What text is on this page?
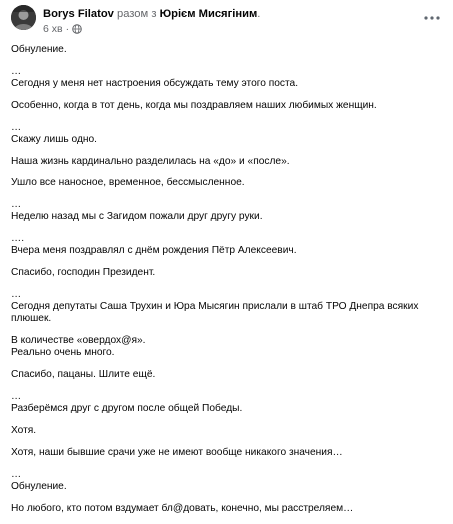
Borys Filatov разом з Юрієм Мисягіним.
6 хв ·

Обнуление.

…
Сегодня у меня нет настроения обсуждать тему этого поста.

Особенно, когда в тот день, когда мы поздравляем наших любимых женщин.

…
Скажу лишь одно.

Наша жизнь кардинально разделилась на «до» и «после».

Ушло все наносное, временное, бессмысленное.

…
Неделю назад мы с Загидом пожали друг другу руки.

….
Вчера меня поздравлял с днём рождения Пётр Алексеевич.

Спасибо, господин Президент.

…
Сегодня депутаты Саша Трухин и Юра Мысягин прислали в штаб ТРО Днепра всяких плюшек.

В количестве «овердох@я».
Реально очень много.

Спасибо, пацаны. Шлите ещё.

…
Разберёмся друг с другом после общей Победы.

Хотя.

Хотя, наши бывшие срачи уже не имеют вообще никакого значения…

…
Обнуление.

Но любого, кто потом вздумает бл@довать, конечно, мы расстреляем…
